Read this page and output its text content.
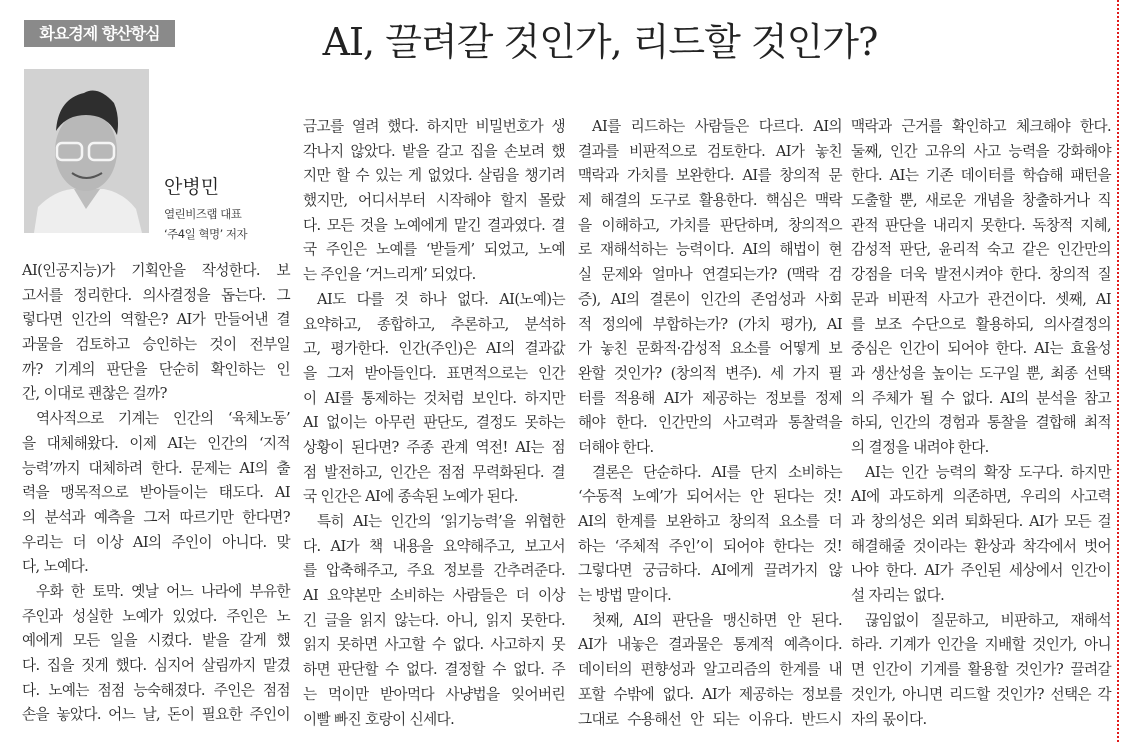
화요경제 향산항심	AI, 끌려갈 것인가, 리드할 것인가?
안병민
열린비즈랩 대표
‘주4일 혁명’ 저자
AI(인공지능)가 기획안을 작성한다. 보
고서를 정리한다. 의사결정을 돕는다. 그
렇다면 인간의 역할은? AI가 만들어낸 결
과물을 검토하고 승인하는 것이 전부일
까? 기계의 판단을 단순히 확인하는 인
간, 이대로 괜찮은 걸까?
역사적으로 기계는 인간의 ‘육체노동’
을 대체해왔다. 이제 AI는 인간의 ‘지적
능력’까지 대체하려 한다. 문제는 AI의 출
력을 맹목적으로 받아들이는 태도다. AI
의 분석과 예측을 그저 따르기만 한다면?
우리는 더 이상 AI의 주인이 아니다. 맞
다, 노예다.
우화 한 토막. 옛날 어느 나라에 부유한
주인과 성실한 노예가 있었다. 주인은 노
예에게 모든 일을 시켰다. 밭을 갈게 했
다. 집을 짓게 했다. 심지어 살림까지 맡겼
다. 노예는 점점 능숙해졌다. 주인은 점점
손을 놓았다. 어느 날, 돈이 필요한 주인이
금고를 열려 했다. 하지만 비밀번호가 생
각나지 않았다. 밭을 갈고 집을 손보려 했
지만 할 수 있는 게 없었다. 살림을 챙기려
했지만, 어디서부터 시작해야 할지 몰랐
다. 모든 것을 노예에게 맡긴 결과였다. 결
국 주인은 노예를 ‘받들게’ 되었고, 노예
는 주인을 ‘거느리게’ 되었다.
AI도 다를 것 하나 없다. AI(노예)는
요약하고, 종합하고, 추론하고, 분석하
고, 평가한다. 인간(주인)은 AI의 결과값
을 그저 받아들인다. 표면적으로는 인간
이 AI를 통제하는 것처럼 보인다. 하지만
AI 없이는 아무런 판단도, 결정도 못하는
상황이 된다면? 주종 관계 역전! AI는 점
점 발전하고, 인간은 점점 무력화된다. 결
국 인간은 AI에 종속된 노예가 된다.
특히 AI는 인간의 ‘읽기능력’을 위협한
다. AI가 책 내용을 요약해주고, 보고서
를 압축해주고, 주요 정보를 간추려준다.
AI 요약본만 소비하는 사람들은 더 이상
긴 글을 읽지 않는다. 아니, 읽지 못한다.
읽지 못하면 사고할 수 없다. 사고하지 못
하면 판단할 수 없다. 결정할 수 없다. 주
는 먹이만 받아먹다 사냥법을 잊어버린
이빨 빠진 호랑이 신세다.
AI를 리드하는 사람들은 다르다. AI의
결과를 비판적으로 검토한다. AI가 놓친
맥락과 가치를 보완한다. AI를 창의적 문
제 해결의 도구로 활용한다. 핵심은 맥락
을 이해하고, 가치를 판단하며, 창의적으
로 재해석하는 능력이다. AI의 해법이 현
실 문제와 얼마나 연결되는가? (맥락 검
증), AI의 결론이 인간의 존엄성과 사회
적 정의에 부합하는가? (가치 평가), AI
가 놓친 문화적·감성적 요소를 어떻게 보
완할 것인가? (창의적 변주). 세 가지 필
터를 적용해 AI가 제공하는 정보를 정제
해야 한다. 인간만의 사고력과 통찰력을
더해야 한다.
결론은 단순하다. AI를 단지 소비하는
‘수동적 노예’가 되어서는 안 된다는 것!
AI의 한계를 보완하고 창의적 요소를 더
하는 ‘주체적 주인’이 되어야 한다는 것!
그렇다면 궁금하다. AI에게 끌려가지 않
는 방법 말이다.
첫째, AI의 판단을 맹신하면 안 된다.
AI가 내놓은 결과물은 통계적 예측이다.
데이터의 편향성과 알고리즘의 한계를 내
포할 수밖에 없다. AI가 제공하는 정보를
그대로 수용해선 안 되는 이유다. 반드시
맥락과 근거를 확인하고 체크해야 한다.
둘째, 인간 고유의 사고 능력을 강화해야
한다. AI는 기존 데이터를 학습해 패턴을
도출할 뿐, 새로운 개념을 창출하거나 직
관적 판단을 내리지 못한다. 독창적 지혜,
감성적 판단, 윤리적 숙고 같은 인간만의
강점을 더욱 발전시켜야 한다. 창의적 질
문과 비판적 사고가 관건이다. 셋째, AI
를 보조 수단으로 활용하되, 의사결정의
중심은 인간이 되어야 한다. AI는 효율성
과 생산성을 높이는 도구일 뿐, 최종 선택
의 주체가 될 수 없다. AI의 분석을 참고
하되, 인간의 경험과 통찰을 결합해 최적
의 결정을 내려야 한다.
AI는 인간 능력의 확장 도구다. 하지만
AI에 과도하게 의존하면, 우리의 사고력
과 창의성은 외려 퇴화된다. AI가 모든 걸
해결해줄 것이라는 환상과 착각에서 벗어
나야 한다. AI가 주인된 세상에서 인간이
설 자리는 없다.
끊임없이 질문하고, 비판하고, 재해석
하라. 기계가 인간을 지배할 것인가, 아니
면 인간이 기계를 활용할 것인가? 끌려갈
것인가, 아니면 리드할 것인가? 선택은 각
자의 몫이다.
